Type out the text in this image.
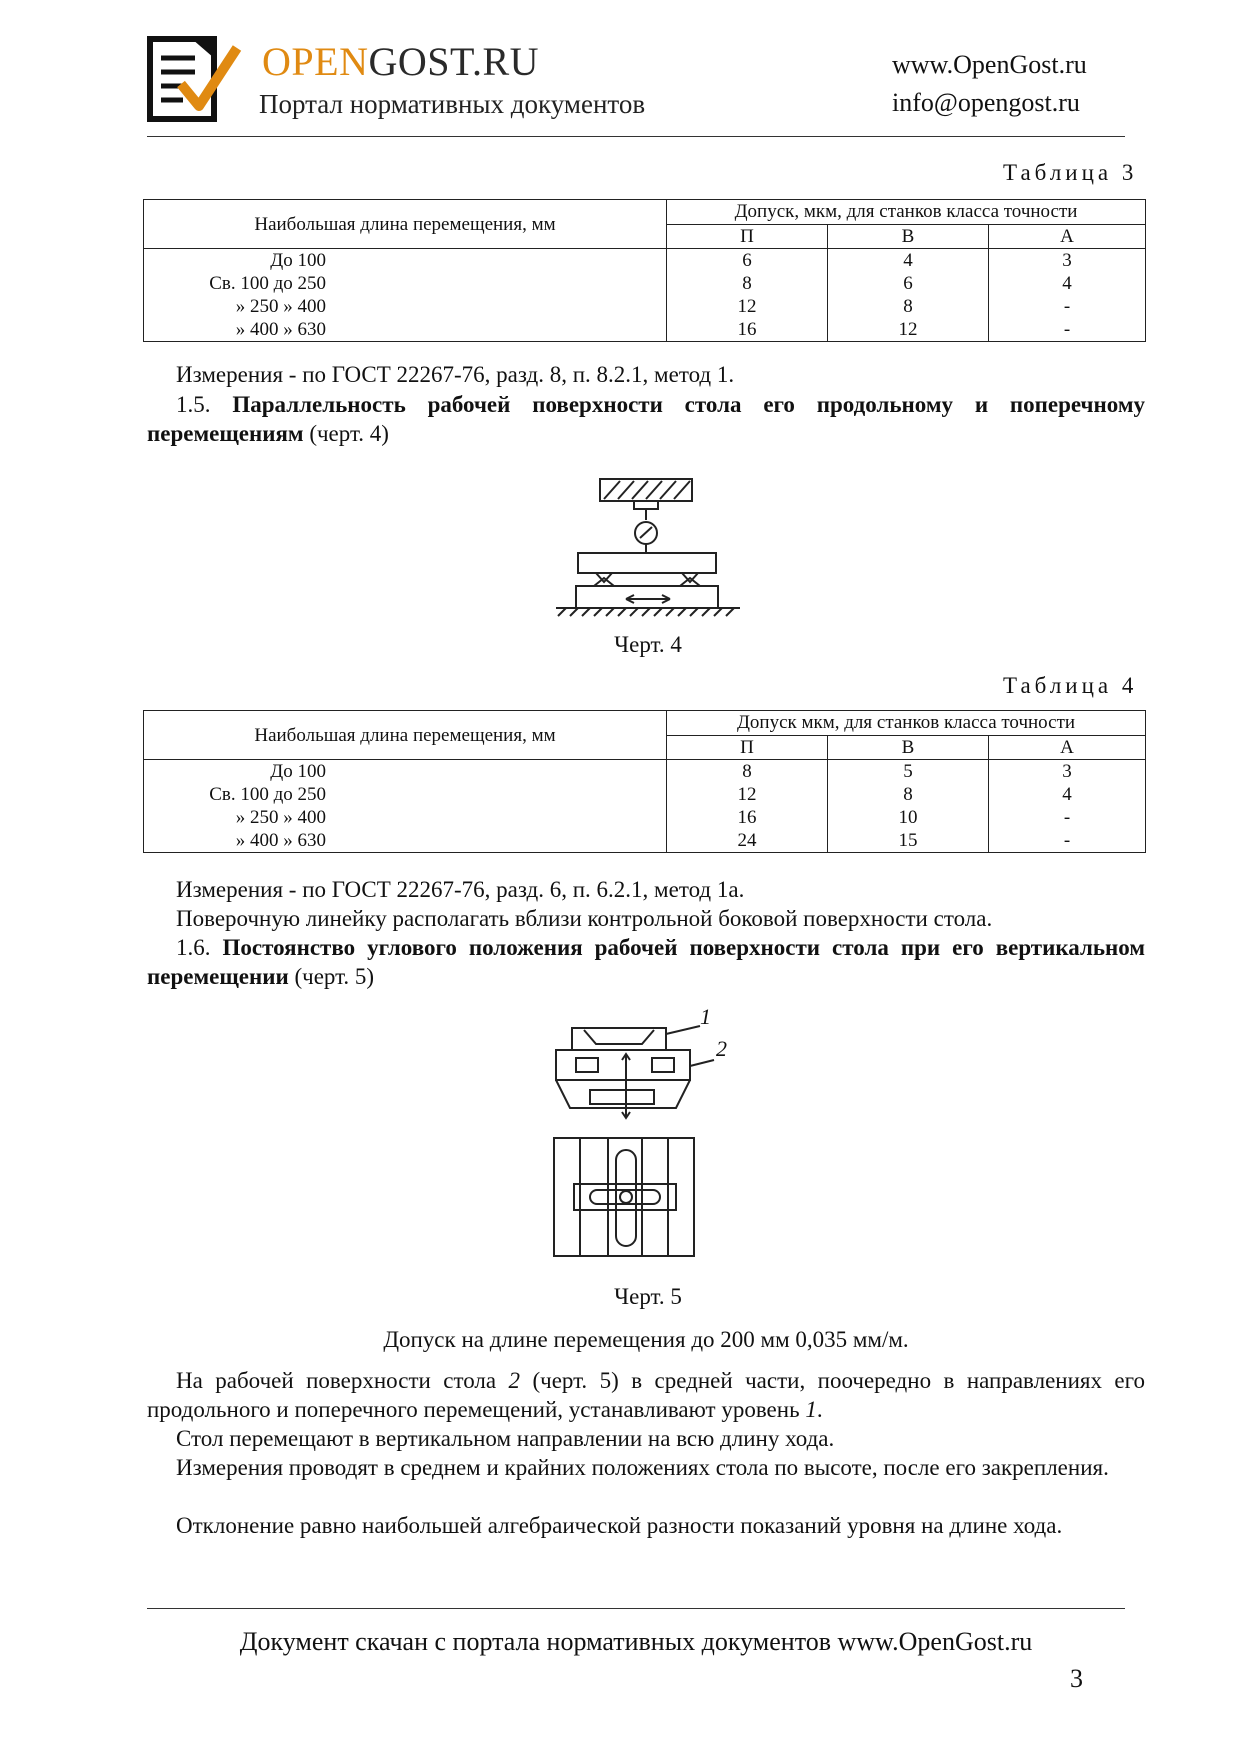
OPENGOST.RU
Портал нормативных документов
www.OpenGost.ru
info@opengost.ru
Таблица 3
Наибольшая длина перемещения, мм	Допуск, мкм, для станков класса точности		
	П	В	А
До 100	6	4	3
Св. 100 до 250	8	6	4
» 250 » 400	12	8	-
» 400 » 630	16	12	-
Измерения - по ГОСТ 22267-76, разд. 8, п. 8.2.1, метод 1.
1.5. Параллельность рабочей поверхности стола его продольному и поперечному перемещениям (черт. 4)
Черт. 4
Таблица 4
Наибольшая длина перемещения, мм	Допуск мкм, для станков класса точности		
	П	В	А
До 100	8	5	3
Св. 100 до 250	12	8	4
» 250 » 400	16	10	-
» 400 » 630	24	15	-
Измерения - по ГОСТ 22267-76, разд. 6, п. 6.2.1, метод 1а.
Поверочную линейку располагать вблизи контрольной боковой поверхности стола.
1.6. Постоянство углового положения рабочей поверхности стола при его вертикальном перемещении (черт. 5)
1
2
Черт. 5
Допуск на длине перемещения до 200 мм 0,035 мм/м.
На рабочей поверхности стола 2 (черт. 5) в средней части, поочередно в направлениях его продольного и поперечного перемещений, устанавливают уровень 1.
Стол перемещают в вертикальном направлении на всю длину хода.
Измерения проводят в среднем и крайних положениях стола по высоте, после его закрепления.
Отклонение равно наибольшей алгебраической разности показаний уровня на длине хода.
Документ скачан с портала нормативных документов www.OpenGost.ru
3
